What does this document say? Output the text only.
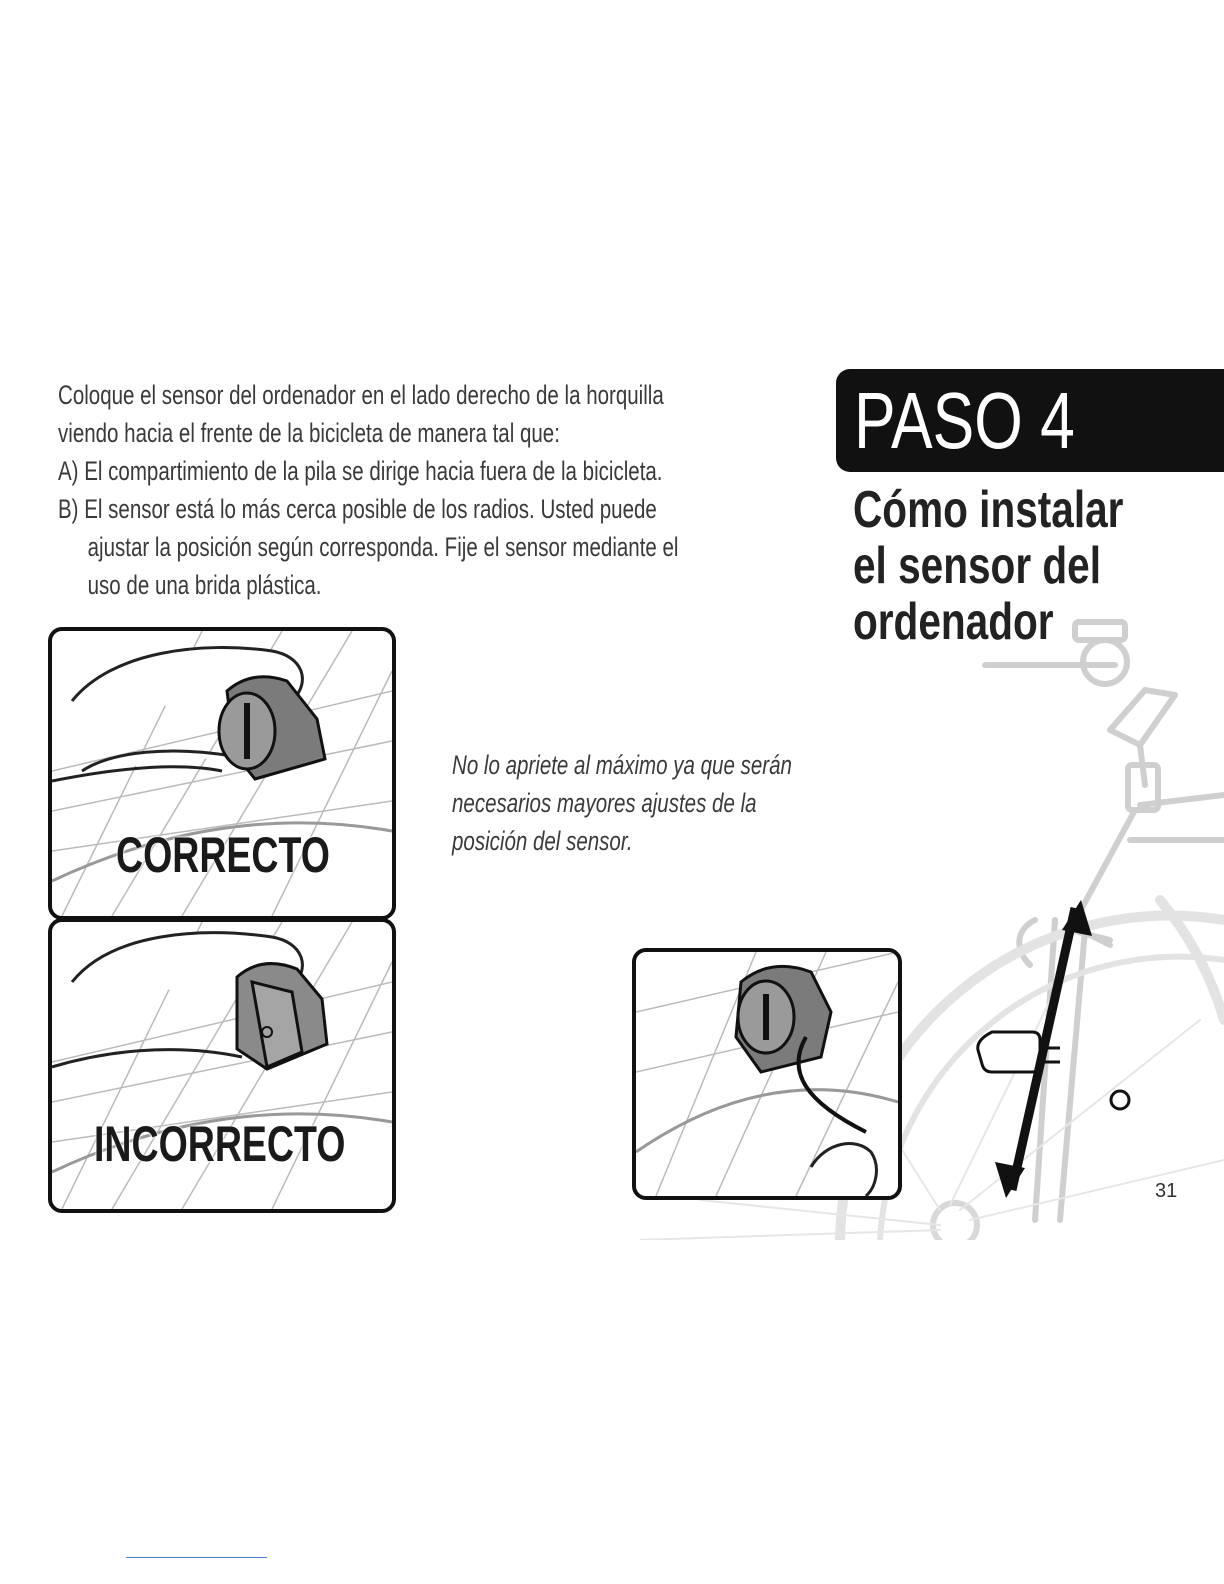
Coloque el sensor del ordenador en el lado derecho de la horquilla
viendo hacia el frente de la bicicleta de manera tal que:
A) El compartimiento de la pila se dirige hacia fuera de la bicicleta.
B) El sensor está lo más cerca posible de los radios. Usted puede
ajustar la posición según corresponda. Fije el sensor mediante el
uso de una brida plástica.
PASO 4
Cómo instalar
el sensor del
ordenador
No lo apriete al máximo ya que serán
necesarios mayores ajustes de la
posición del sensor.
CORRECTO
INCORRECTO
31
